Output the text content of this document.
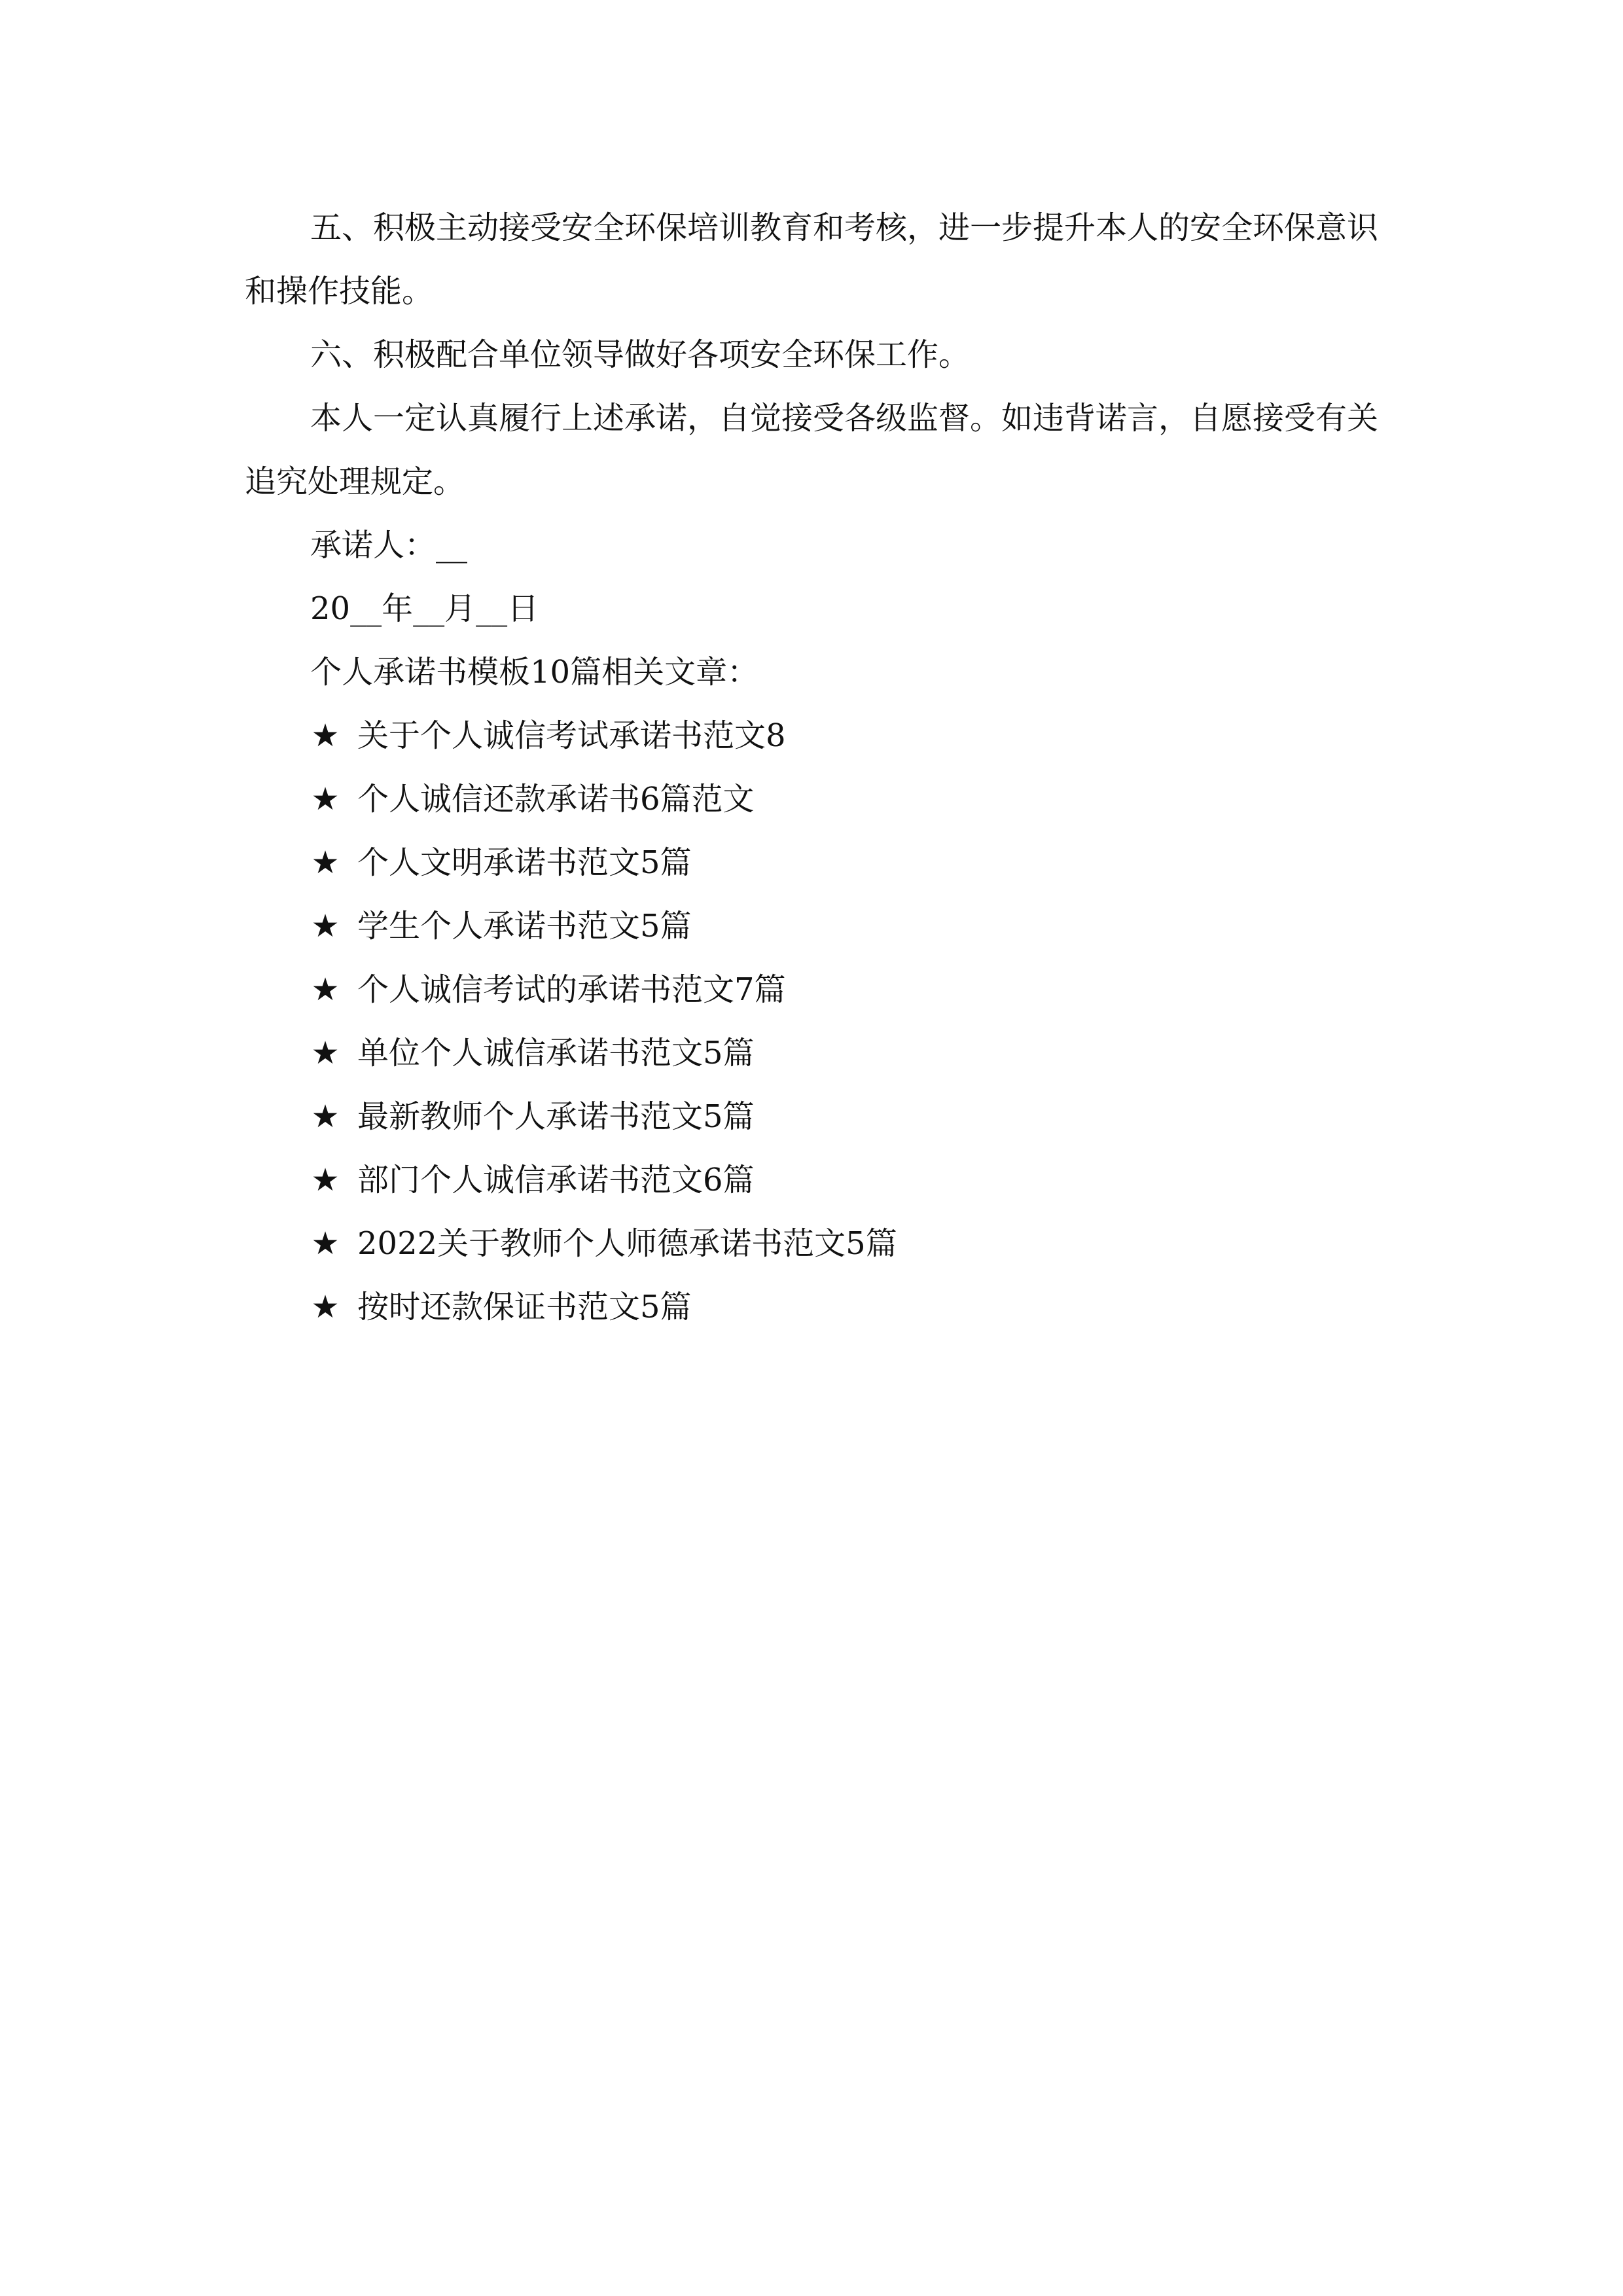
五、积极主动接受安全环保培训教育和考核，进一步提升本人的安全环保意识和操作技能。

六、积极配合单位领导做好各项安全环保工作。

本人一定认真履行上述承诺，自觉接受各级监督。如违背诺言，自愿接受有关追究处理规定。

承诺人：__

20__年__月__日

个人承诺书模板10篇相关文章：

★ 关于个人诚信考试承诺书范文8
★ 个人诚信还款承诺书6篇范文
★ 个人文明承诺书范文5篇
★ 学生个人承诺书范文5篇
★ 个人诚信考试的承诺书范文7篇
★ 单位个人诚信承诺书范文5篇
★ 最新教师个人承诺书范文5篇
★ 部门个人诚信承诺书范文6篇
★ 2022关于教师个人师德承诺书范文5篇
★ 按时还款保证书范文5篇
